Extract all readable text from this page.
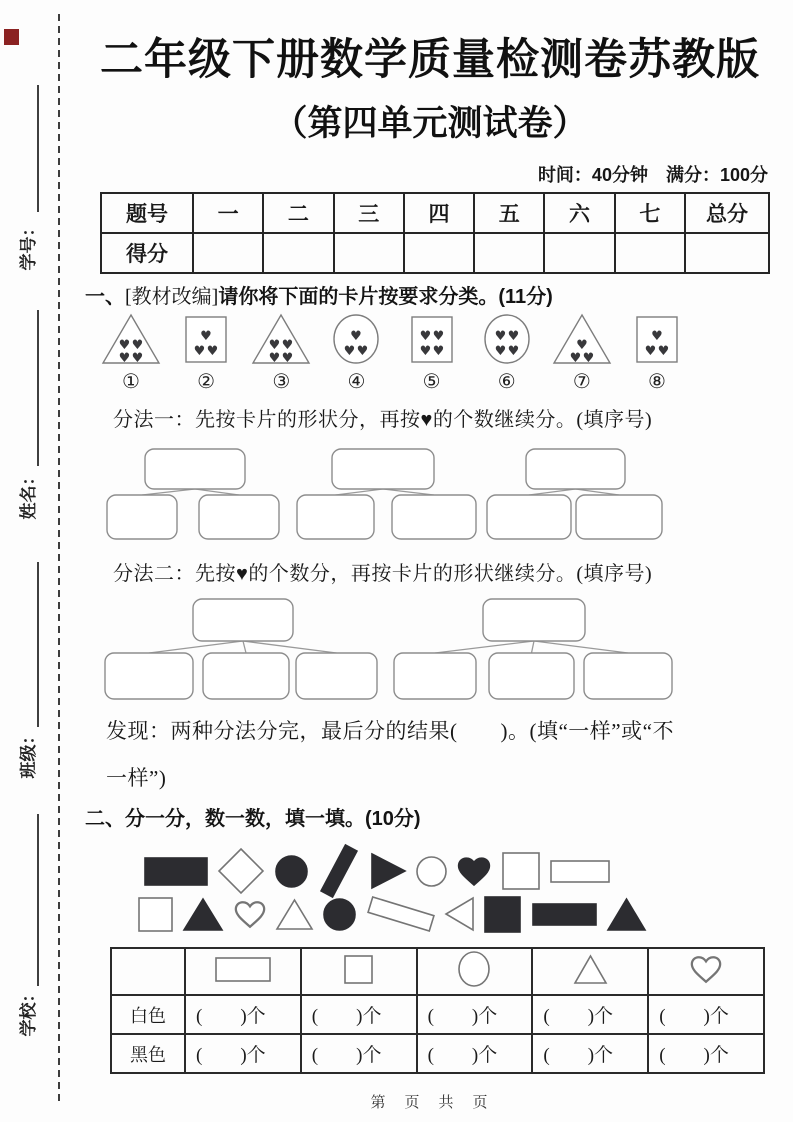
学号：
姓名：
班级：
学校：
二年级下册数学质量检测卷苏教版
（第四单元测试卷）
时间：40分钟　满分：100分
题号	一	二	三	四	五	六	七	总分
得分								
一、[教材改编]请你将下面的卡片按要求分类。(11分)
♥ ♥
♥ ♥
①
♥
♥ ♥
②
♥ ♥
♥ ♥
③
♥
♥ ♥
④
♥ ♥
♥ ♥
⑤
♥ ♥
♥ ♥
⑥
♥
♥ ♥
⑦
♥
♥ ♥
⑧
分法一：先按卡片的形状分，再按♥的个数继续分。(填序号)
分法二：先按♥的个数分，再按卡片的形状继续分。(填序号)
发现：两种分法分完，最后分的结果(　　)。(填“一样”或“不
一样”)
二、分一分，数一数，填一填。(10分)

白色	(　　)个	(　　)个	(　　)个	(　　)个	(　　)个
黑色	(　　)个	(　　)个	(　　)个	(　　)个	(　　)个
第　页　共　页
